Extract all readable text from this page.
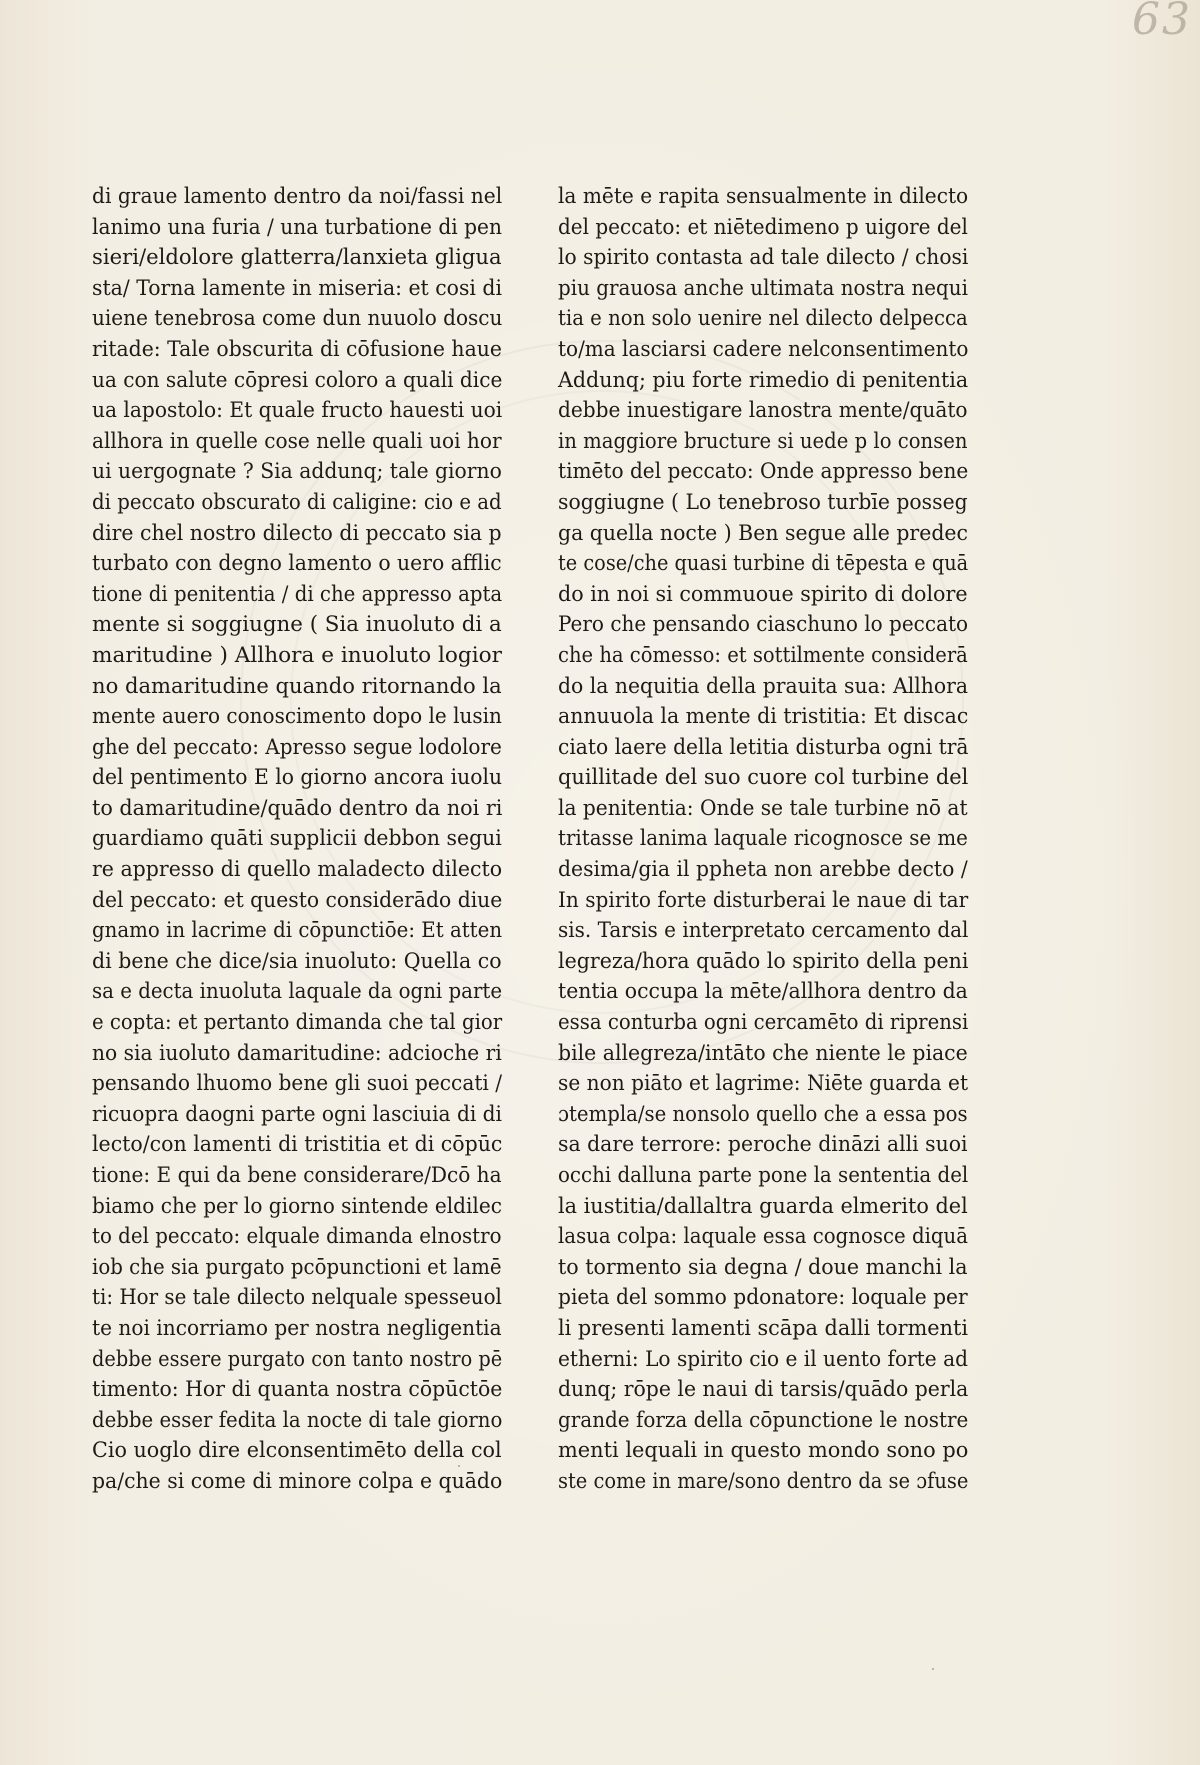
63
di graue lamento dentro da noi/fassi nel
lanimo una furia / una turbatione di pen
sieri/eldolore glatterra/lanxieta gligua
sta/ Torna lamente in miseria: et cosi di
uiene tenebrosa come dun nuuolo doscu
ritade: Tale obscurita di cōfusione haue
ua con salute cōpresi coloro a quali dice
ua lapostolo: Et quale fructo hauesti uoi
allhora in quelle cose nelle quali uoi hor
ui uergognate ? Sia addunq; tale giorno
di peccato obscurato di caligine: cio e ad
dire chel nostro dilecto di peccato sia p
turbato con degno lamento o uero afflic
tione di penitentia / di che appresso apta
mente si soggiugne ( Sia inuoluto di a
maritudine ) Allhora e inuoluto logior
no damaritudine quando ritornando la
mente auero conoscimento dopo le lusin
ghe del peccato: Apresso segue lodolore
del pentimento E lo giorno ancora iuolu
to damaritudine/quādo dentro da noi ri
guardiamo quāti supplicii debbon segui
re appresso di quello maladecto dilecto
del peccato: et questo considerādo diue
gnamo in lacrime di cōpunctiōe: Et atten
di bene che dice/sia inuoluto: Quella co
sa e decta inuoluta laquale da ogni parte
e copta: et pertanto dimanda che tal gior
no sia iuoluto damaritudine: adcioche ri
pensando lhuomo bene gli suoi peccati /
ricuopra daogni parte ogni lasciuia di di
lecto/con lamenti di tristitia et di cōpūc
tione: E qui da bene considerare/Dcō ha
biamo che per lo giorno sintende eldilec
to del peccato: elquale dimanda elnostro
iob che sia purgato pcōpunctioni et lamē
ti: Hor se tale dilecto nelquale spesseuol
te noi incorriamo per nostra negligentia
debbe essere purgato con tanto nostro pē
timento: Hor di quanta nostra cōpūctōe
debbe esser fedita la nocte di tale giorno
Cio uoglo dire elconsentimēto della col
pa/che si come di minore colpa e quādo
la mēte e rapita sensualmente in dilecto
del peccato: et niētedimeno p uigore del
lo spirito contasta ad tale dilecto / chosi
piu grauosa anche ultimata nostra nequi
tia e non solo uenire nel dilecto delpecca
to/ma lasciarsi cadere nelconsentimento
Addunq; piu forte rimedio di penitentia
debbe inuestigare lanostra mente/quāto
in maggiore bructure si uede p lo consen
timēto del peccato: Onde appresso bene
soggiugne ( Lo tenebroso turbīe posseg
ga quella nocte ) Ben segue alle predec
te cose/che quasi turbine di tēpesta e quā
do in noi si commuoue spirito di dolore
Pero che pensando ciaschuno lo peccato
che ha cōmesso: et sottilmente considerā
do la nequitia della prauita sua: Allhora
annuuola la mente di tristitia: Et discac
ciato laere della letitia disturba ogni trā
quillitade del suo cuore col turbine del
la penitentia: Onde se tale turbine nō at
tritasse lanima laquale ricognosce se me
desima/gia il ppheta non arebbe decto /
In spirito forte disturberai le naue di tar
sis. Tarsis e interpretato cercamento dal
legreza/hora quādo lo spirito della peni
tentia occupa la mēte/allhora dentro da
essa conturba ogni cercamēto di riprensi
bile allegreza/intāto che niente le piace
se non piāto et lagrime: Niēte guarda et
ɔtempla/se nonsolo quello che a essa pos
sa dare terrore: peroche dināzi alli suoi
occhi dalluna parte pone la sententia del
la iustitia/dallaltra guarda elmerito del
lasua colpa: laquale essa cognosce diquā
to tormento sia degna / doue manchi la
pieta del sommo pdonatore: loquale per
li presenti lamenti scāpa dalli tormenti
etherni: Lo spirito cio e il uento forte ad
dunq; rōpe le naui di tarsis/quādo perla
grande forza della cōpunctione le nostre
menti lequali in questo mondo sono po
ste come in mare/sono dentro da se ɔfuse
